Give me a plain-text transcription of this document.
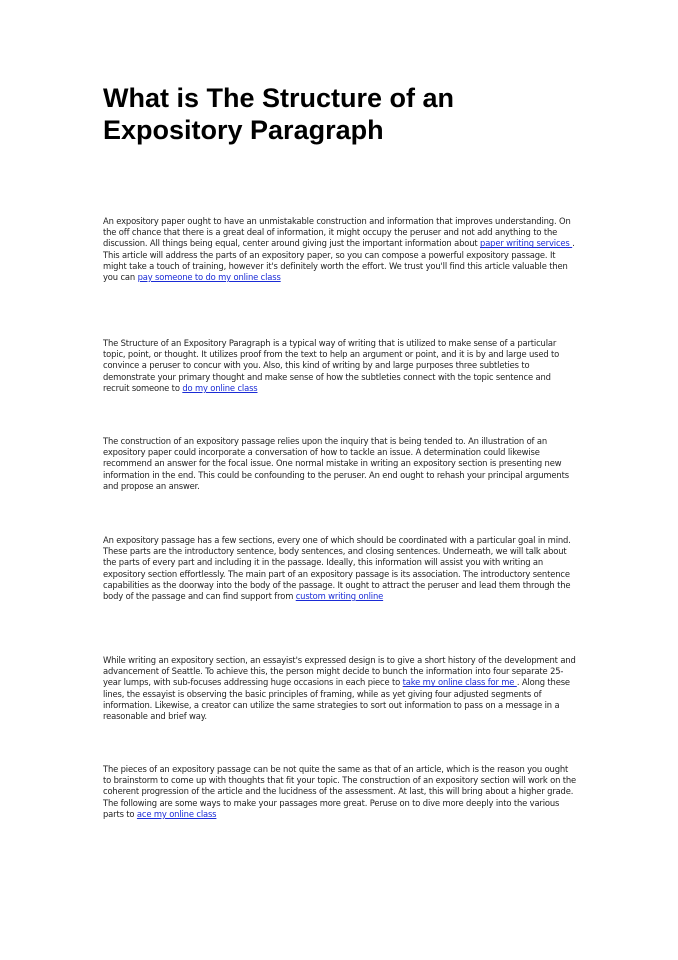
What is The Structure of an Expository Paragraph

An expository paper ought to have an unmistakable construction and information that improves understanding. On the off chance that there is a great deal of information, it might occupy the peruser and not add anything to the discussion. All things being equal, center around giving just the important information about paper writing services . This article will address the parts of an expository paper, so you can compose a powerful expository passage. It might take a touch of training, however it's definitely worth the effort. We trust you'll find this article valuable then you can pay someone to do my online class

The Structure of an Expository Paragraph is a typical way of writing that is utilized to make sense of a particular topic, point, or thought. It utilizes proof from the text to help an argument or point, and it is by and large used to convince a peruser to concur with you. Also, this kind of writing by and large purposes three subtleties to demonstrate your primary thought and make sense of how the subtleties connect with the topic sentence and recruit someone to do my online class

The construction of an expository passage relies upon the inquiry that is being tended to. An illustration of an expository paper could incorporate a conversation of how to tackle an issue. A determination could likewise recommend an answer for the focal issue. One normal mistake in writing an expository section is presenting new information in the end. This could be confounding to the peruser. An end ought to rehash your principal arguments and propose an answer.

An expository passage has a few sections, every one of which should be coordinated with a particular goal in mind. These parts are the introductory sentence, body sentences, and closing sentences. Underneath, we will talk about the parts of every part and including it in the passage. Ideally, this information will assist you with writing an expository section effortlessly. The main part of an expository passage is its association. The introductory sentence capabilities as the doorway into the body of the passage. It ought to attract the peruser and lead them through the body of the passage and can find support from custom writing online

While writing an expository section, an essayist's expressed design is to give a short history of the development and advancement of Seattle. To achieve this, the person might decide to bunch the information into four separate 25-year lumps, with sub-focuses addressing huge occasions in each piece to take my online class for me . Along these lines, the essayist is observing the basic principles of framing, while as yet giving four adjusted segments of information. Likewise, a creator can utilize the same strategies to sort out information to pass on a message in a reasonable and brief way.

The pieces of an expository passage can be not quite the same as that of an article, which is the reason you ought to brainstorm to come up with thoughts that fit your topic. The construction of an expository section will work on the coherent progression of the article and the lucidness of the assessment. At last, this will bring about a higher grade. The following are some ways to make your passages more great. Peruse on to dive more deeply into the various parts to ace my online class
